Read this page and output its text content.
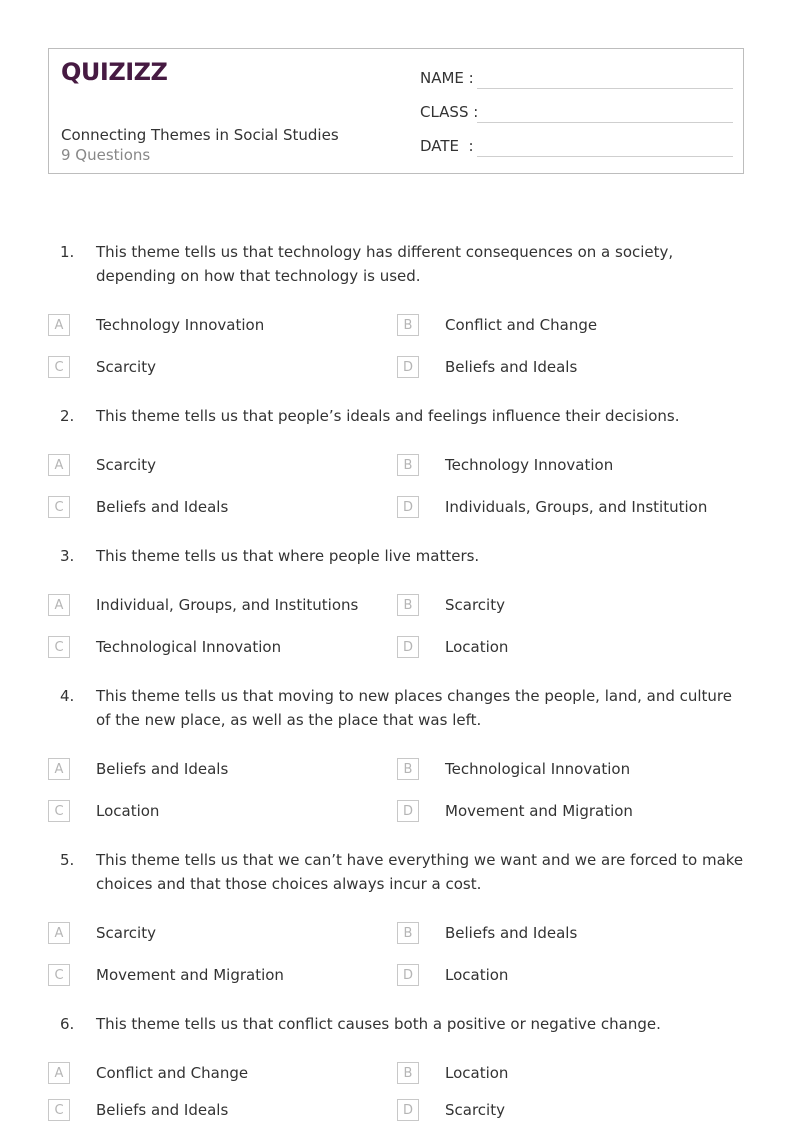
QUIZIZZ
Connecting Themes in Social Studies
9 Questions
NAME :
CLASS :
DATE  :
1. This theme tells us that technology has different consequences on a society, depending on how that technology is used.
A	Technology Innovation	B	Conflict and Change
C	Scarcity	D	Beliefs and Ideals
2. This theme tells us that people’s ideals and feelings influence their decisions.
A	Scarcity	B	Technology Innovation
C	Beliefs and Ideals	D	Individuals, Groups, and Institution
3. This theme tells us that where people live matters.
A	Individual, Groups, and Institutions	B	Scarcity
C	Technological Innovation	D	Location
4. This theme tells us that moving to new places changes the people, land, and culture of the new place, as well as the place that was left.
A	Beliefs and Ideals	B	Technological Innovation
C	Location	D	Movement and Migration
5. This theme tells us that we can’t have everything we want and we are forced to make choices and that those choices always incur a cost.
A	Scarcity	B	Beliefs and Ideals
C	Movement and Migration	D	Location
6. This theme tells us that conflict causes both a positive or negative change.
A	Conflict and Change	B	Location
C	Beliefs and Ideals	D	Scarcity
